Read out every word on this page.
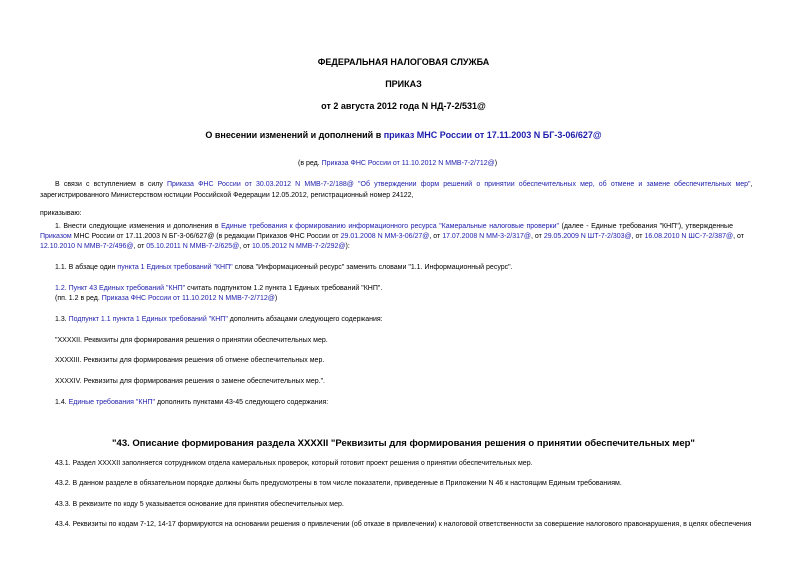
ФЕДЕРАЛЬНАЯ НАЛОГОВАЯ СЛУЖБА
ПРИКАЗ
от 2 августа 2012 года N НД-7-2/531@
О внесении изменений и дополнений в приказ МНС России от 17.11.2003 N БГ-3-06/627@
(в ред. Приказа ФНС России от 11.10.2012 N ММВ-7-2/712@)
В связи с вступлением в силу Приказа ФНС России от 30.03.2012 N ММВ-7-2/188@ "Об утверждении форм решений о принятии обеспечительных мер, об отмене и замене обеспечительных мер",
зарегистрированного Министерством юстиции Российской Федерации 12.05.2012, регистрационный номер 24122,
приказываю:
1. Внести следующие изменения и дополнения в Единые требования к формированию информационного ресурса "Камеральные налоговые проверки" (далее - Единые требования "КНП"), утвержденные
Приказом МНС России от 17.11.2003 N БГ-3-06/627@ (в редакции Приказов ФНС России от 29.01.2008 N ММ-3-06/27@, от 17.07.2008 N ММ-3-2/317@, от 29.05.2009 N ШТ-7-2/303@, от 16.08.2010 N ШС-7-2/387@, от
12.10.2010 N ММВ-7-2/496@, от 05.10.2011 N ММВ-7-2/625@, от 10.05.2012 N ММВ-7-2/292@):
1.1. В абзаце один пункта 1 Единых требований "КНП" слова "Информационный ресурс" заменить словами "1.1. Информационный ресурс".
1.2. Пункт 43 Единых требований "КНП" считать подпунктом 1.2 пункта 1 Единых требований "КНП".
(пп. 1.2 в ред. Приказа ФНС России от 11.10.2012 N ММВ-7-2/712@)
1.3. Подпункт 1.1 пункта 1 Единых требований "КНП" дополнить абзацами следующего содержания:
"XXXXII. Реквизиты для формирования решения о принятии обеспечительных мер.
XXXXIII. Реквизиты для формирования решения об отмене обеспечительных мер.
XXXXIV. Реквизиты для формирования решения о замене обеспечительных мер.".
1.4. Единые требования "КНП" дополнить пунктами 43-45 следующего содержания:
"43. Описание формирования раздела XXXXII "Реквизиты для формирования решения о принятии обеспечительных мер"
43.1. Раздел XXXXII заполняется сотрудником отдела камеральных проверок, который готовит проект решения о принятии обеспечительных мер.
43.2. В данном разделе в обязательном порядке должны быть предусмотрены в том числе показатели, приведенные в Приложении N 46 к настоящим Единым требованиям.
43.3. В реквизите по коду 5 указывается основание для принятия обеспечительных мер.
43.4. Реквизиты по кодам 7-12, 14-17 формируются на основании решения о привлечении (об отказе в привлечении) к налоговой ответственности за совершение налогового правонарушения, в целях обеспечения
